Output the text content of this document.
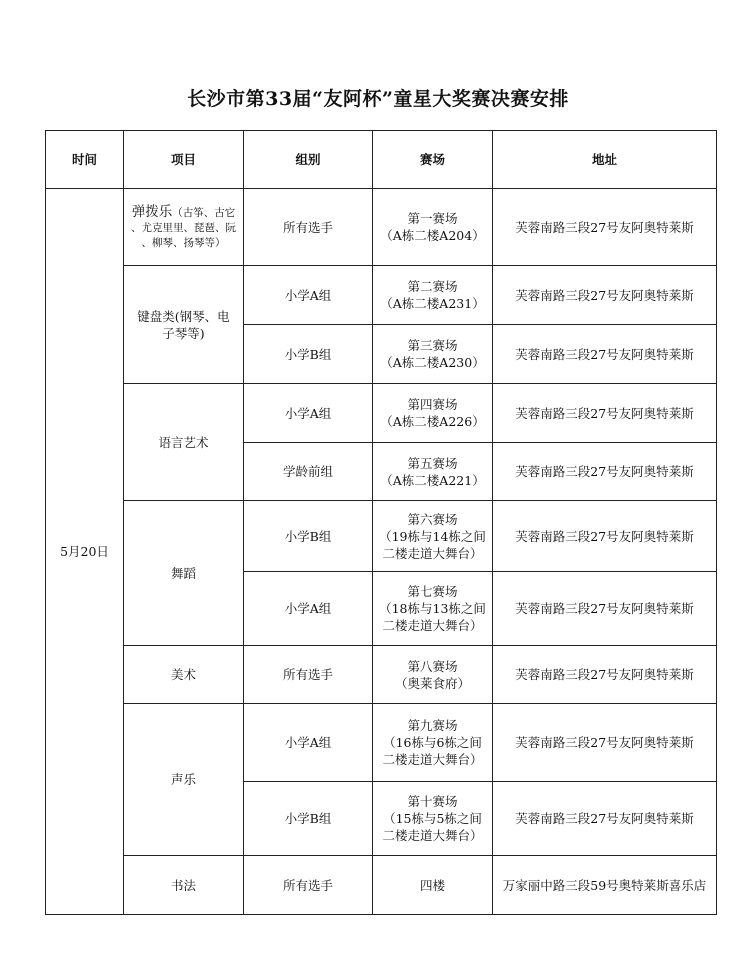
长沙市第33届“友阿杯”童星大奖赛决赛安排
时间	项目	组别	赛场	地址
5月20日	弹拨乐（古筝、古它
、尤克里里、琵琶、阮
、柳琴、扬琴等）	所有选手	第一赛场
（A栋二楼A204）	芙蓉南路三段27号友阿奥特莱斯

	键盘类(钢琴、电
子琴等)	小学A组	第二赛场
（A栋二楼A231）	芙蓉南路三段27号友阿奥特莱斯
		小学B组	第三赛场
（A栋二楼A230）	芙蓉南路三段27号友阿奥特莱斯
	语言艺术	小学A组	第四赛场
（A栋二楼A226）	芙蓉南路三段27号友阿奥特莱斯
		学龄前组	第五赛场
（A栋二楼A221）	芙蓉南路三段27号友阿奥特莱斯
	舞蹈	小学B组	第六赛场
（19栋与14栋之间
二楼走道大舞台）	芙蓉南路三段27号友阿奥特莱斯
		小学A组	第七赛场
（18栋与13栋之间
二楼走道大舞台）	芙蓉南路三段27号友阿奥特莱斯
	美术	所有选手	第八赛场
（奥莱食府）	芙蓉南路三段27号友阿奥特莱斯
	声乐	小学A组	第九赛场
（16栋与6栋之间
二楼走道大舞台）	芙蓉南路三段27号友阿奥特莱斯
		小学B组	第十赛场
（15栋与5栋之间
二楼走道大舞台）	芙蓉南路三段27号友阿奥特莱斯
	书法	所有选手	四楼	万家丽中路三段59号奥特莱斯喜乐店
